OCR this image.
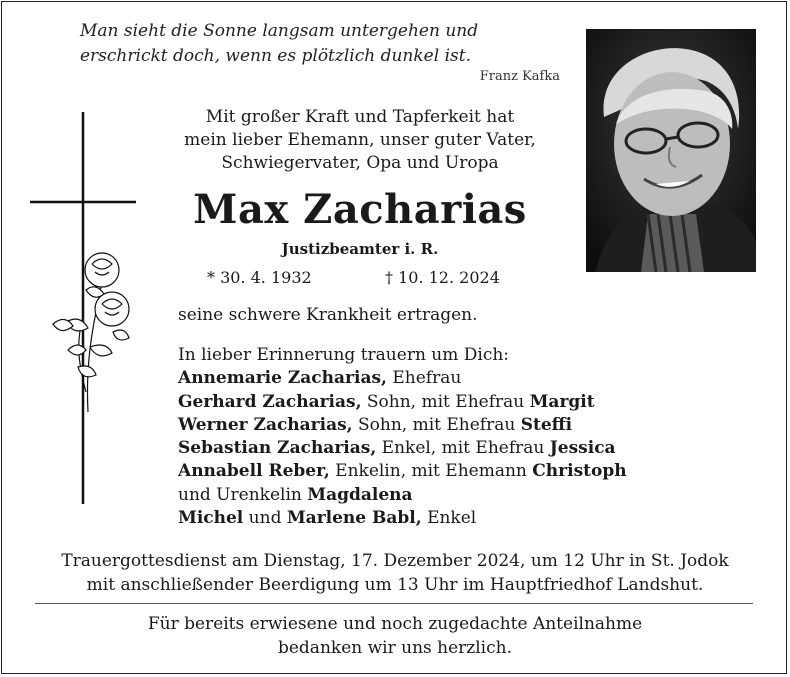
Man sieht die Sonne langsam untergehen und
erschrickt doch, wenn es plötzlich dunkel ist.
Franz Kafka
Mit großer Kraft und Tapferkeit hat
mein lieber Ehemann, unser guter Vater,
Schwiegervater, Opa und Uropa
Max Zacharias
Justizbeamter i. R.
* 30. 4. 1932	† 10. 12. 2024
seine schwere Krankheit ertragen.
In lieber Erinnerung trauern um Dich:
Annemarie Zacharias, Ehefrau
Gerhard Zacharias, Sohn, mit Ehefrau Margit
Werner Zacharias, Sohn, mit Ehefrau Steffi
Sebastian Zacharias, Enkel, mit Ehefrau Jessica
Annabell Reber, Enkelin, mit Ehemann Christoph
und Urenkelin Magdalena
Michel und Marlene Babl, Enkel
Trauergottesdienst am Dienstag, 17. Dezember 2024, um 12 Uhr in St. Jodok
mit anschließender Beerdigung um 13 Uhr im Hauptfriedhof Landshut.
Für bereits erwiesene und noch zugedachte Anteilnahme
bedanken wir uns herzlich.
